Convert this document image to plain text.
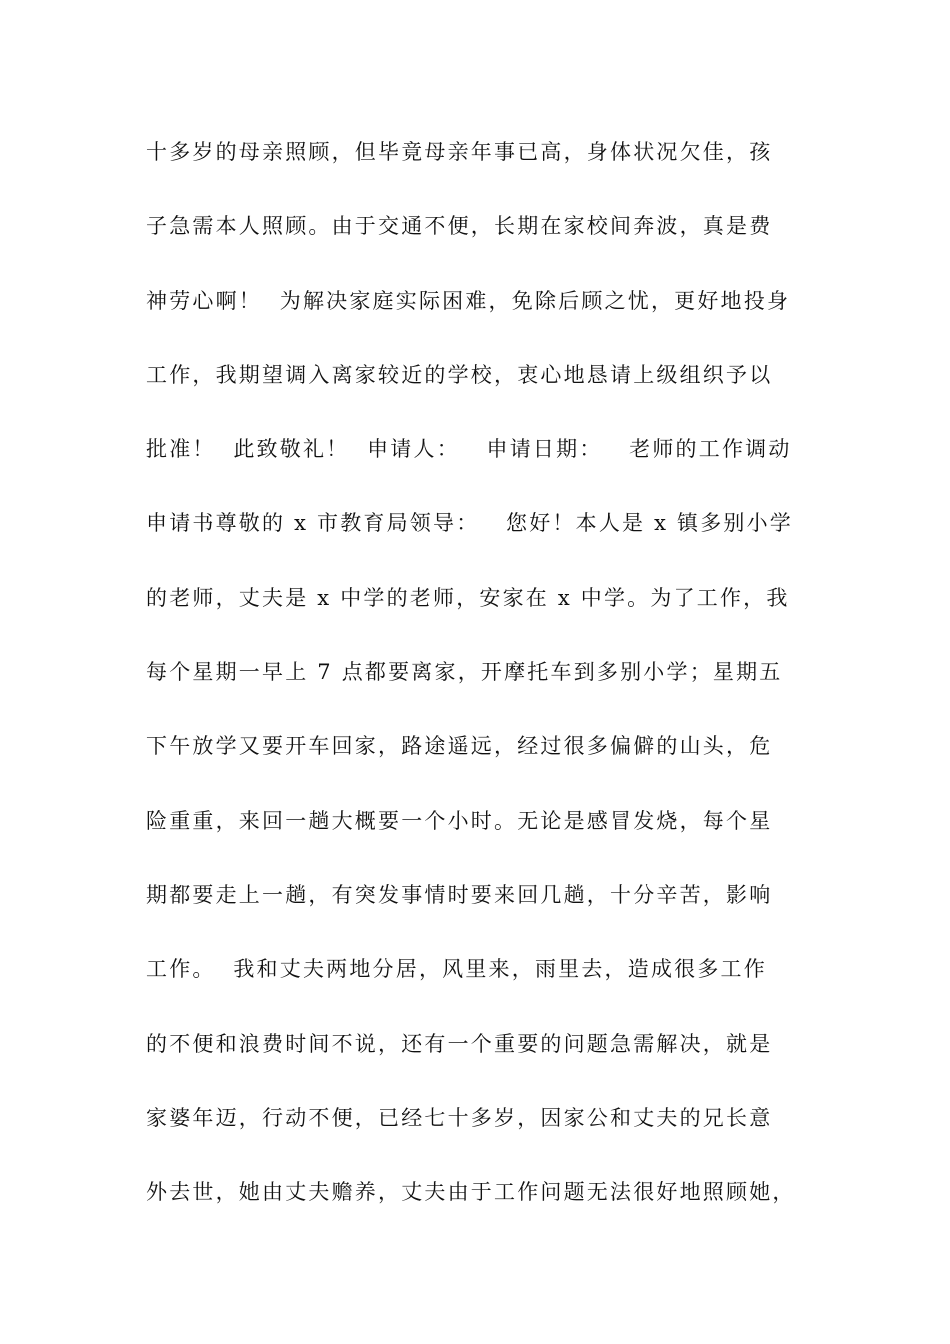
十多岁的母亲照顾，但毕竟母亲年事已高，身体状况欠佳，孩
子急需本人照顾。由于交通不便，长期在家校间奔波，真是费
神劳心啊！  为解决家庭实际困难，免除后顾之忧，更好地投身
工作，我期望调入离家较近的学校，衷心地恳请上级组织予以
批准！  此致敬礼！  申请人：   申请日期：   老师的工作调动
申请书尊敬的 x 市教育局领导：   您好！本人是 x 镇多别小学
的老师，丈夫是 x 中学的老师，安家在 x 中学。为了工作，我
每个星期一早上 7 点都要离家，开摩托车到多别小学；星期五
下午放学又要开车回家，路途遥远，经过很多偏僻的山头，危
险重重，来回一趟大概要一个小时。无论是感冒发烧，每个星
期都要走上一趟，有突发事情时要来回几趟，十分辛苦，影响
工作。  我和丈夫两地分居，风里来，雨里去，造成很多工作
的不便和浪费时间不说，还有一个重要的问题急需解决，就是
家婆年迈，行动不便，已经七十多岁，因家公和丈夫的兄长意
外去世，她由丈夫赡养，丈夫由于工作问题无法很好地照顾她，
